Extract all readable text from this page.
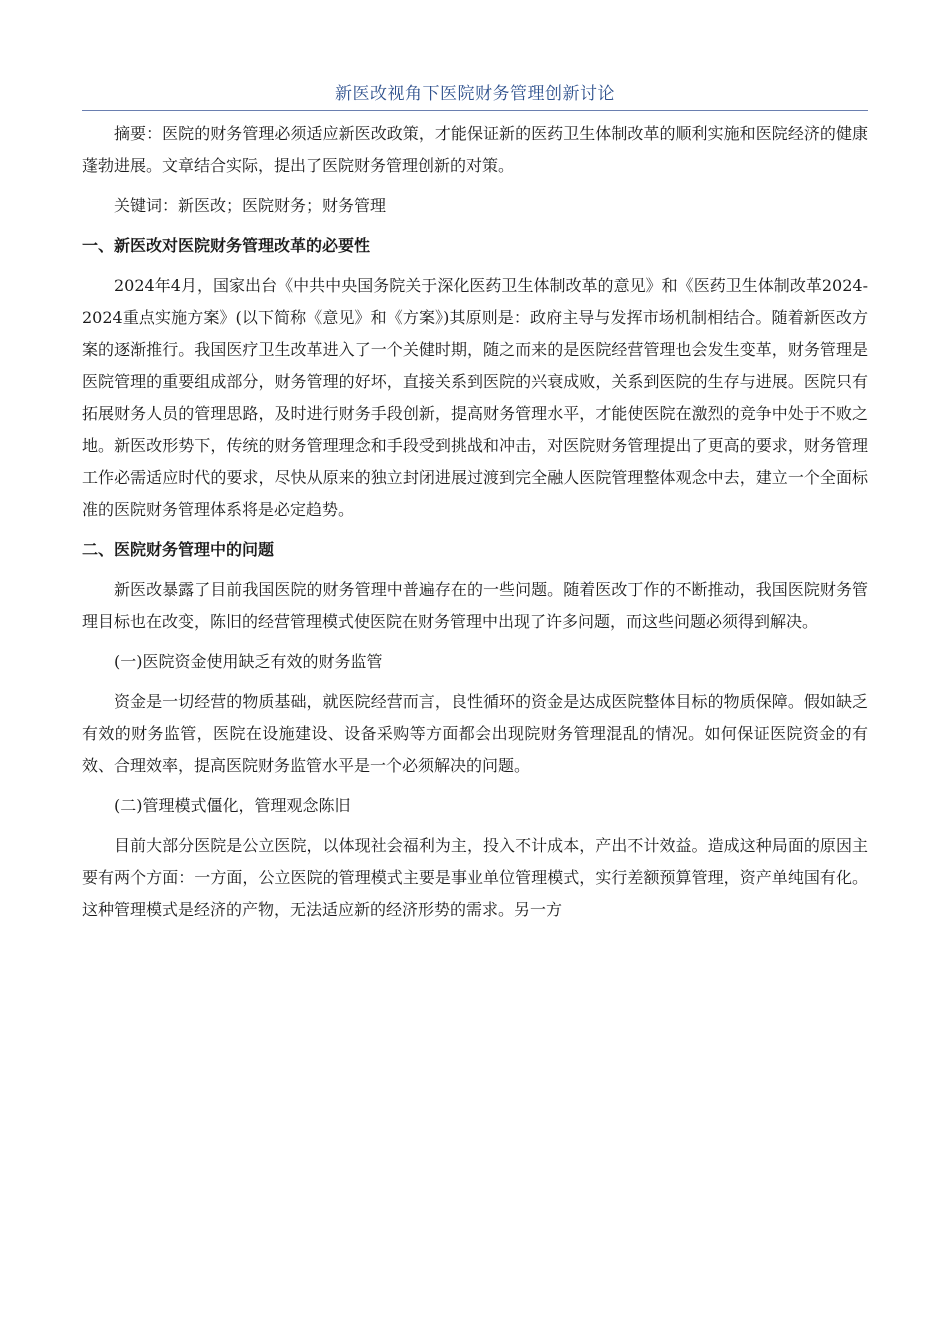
新医改视角下医院财务管理创新讨论

摘要：医院的财务管理必须适应新医改政策，才能保证新的医药卫生体制改革的顺利实施和医院经济的健康蓬勃进展。文章结合实际，提出了医院财务管理创新的对策。

关键词：新医改；医院财务；财务管理

一、新医改对医院财务管理改革的必要性

2024年4月，国家出台《中共中央国务院关于深化医药卫生体制改革的意见》和《医药卫生体制改革2024-2024重点实施方案》(以下简称《意见》和《方案》)其原则是：政府主导与发挥市场机制相结合。随着新医改方案的逐渐推行。我国医疗卫生改革进入了一个关健时期，随之而来的是医院经营管理也会发生变革，财务管理是医院管理的重要组成部分，财务管理的好坏，直接关系到医院的兴衰成败，关系到医院的生存与进展。医院只有拓展财务人员的管理思路，及时进行财务手段创新，提高财务管理水平，才能使医院在激烈的竞争中处于不败之地。新医改形势下，传统的财务管理理念和手段受到挑战和冲击，对医院财务管理提出了更高的要求，财务管理工作必需适应时代的要求，尽快从原来的独立封闭进展过渡到完全融人医院管理整体观念中去，建立一个全面标准的医院财务管理体系将是必定趋势。

二、医院财务管理中的问题

新医改暴露了目前我国医院的财务管理中普遍存在的一些问题。随着医改丁作的不断推动，我国医院财务管理目标也在改变，陈旧的经营管理模式使医院在财务管理中出现了许多问题，而这些问题必须得到解决。

(一)医院资金使用缺乏有效的财务监管

资金是一切经营的物质基础，就医院经营而言，良性循环的资金是达成医院整体目标的物质保障。假如缺乏有效的财务监管，医院在设施建设、设备采购等方面都会出现院财务管理混乱的情况。如何保证医院资金的有效、合理效率，提高医院财务监管水平是一个必须解决的问题。

(二)管理模式僵化，管理观念陈旧

目前大部分医院是公立医院，以体现社会福利为主，投入不计成本，产出不计效益。造成这种局面的原因主要有两个方面：一方面，公立医院的管理模式主要是事业单位管理模式，实行差额预算管理，资产单纯国有化。这种管理模式是经济的产物，无法适应新的经济形势的需求。另一方
